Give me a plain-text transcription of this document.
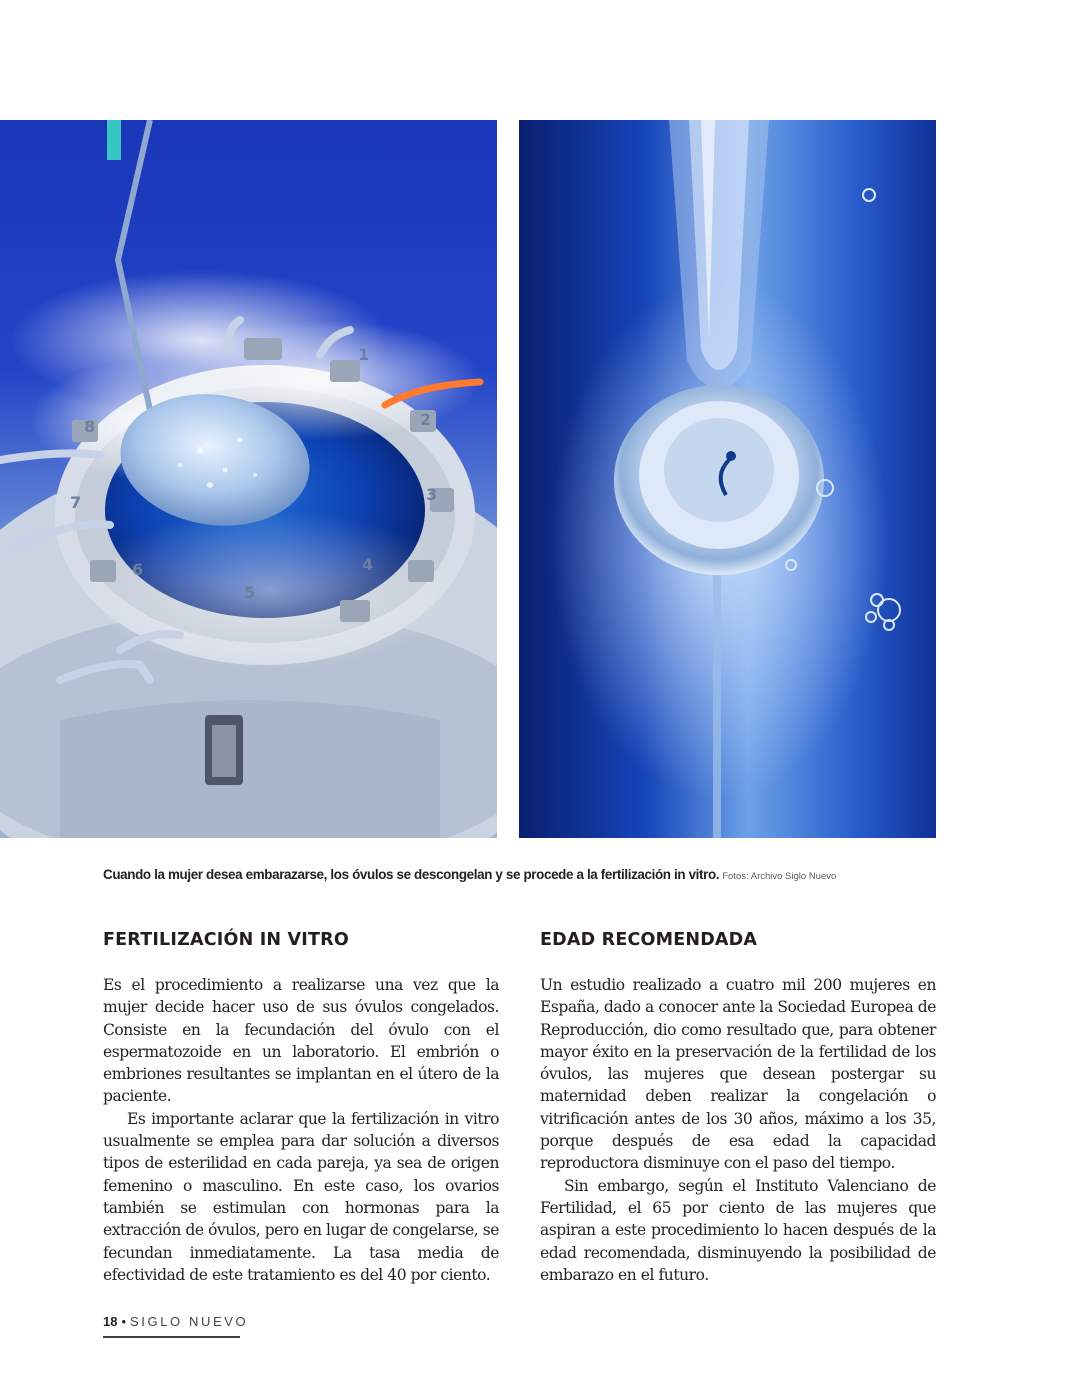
1
2
3
4
5
6
7
8
Cuando la mujer desea embarazarse, los óvulos se descongelan y se procede a la fertilización in vitro. Fotos: Archivo Siglo Nuevo
FERTILIZACIÓN IN VITRO	EDAD RECOMENDADA

Es el procedimiento a realizarse una vez que la mujer decide hacer uso de sus óvulos congelados. Consiste en la fecundación del óvulo con el espermatozoide en un laboratorio. El embrión o embriones resultantes se implantan en el útero de la paciente.

Es importante aclarar que la fertilización in vitro usualmente se emplea para dar solución a diversos tipos de esterilidad en cada pareja, ya sea de origen femenino o masculino. En este caso, los ovarios también se estimulan con hormonas para la extracción de óvulos, pero en lugar de congelarse, se fecundan inmediatamente. La tasa media de efectividad de este tratamiento es del 40 por ciento.

Un estudio realizado a cuatro mil 200 mujeres en España, dado a conocer ante la Sociedad Europea de Reproducción, dio como resultado que, para obtener mayor éxito en la preservación de la fertilidad de los óvulos, las mujeres que desean postergar su maternidad deben realizar la congelación o vitrificación antes de los 30 años, máximo a los 35, porque después de esa edad la capacidad reproductora disminuye con el paso del tiempo.

Sin embargo, según el Instituto Valenciano de Fertilidad, el 65 por ciento de las mujeres que aspiran a este procedimiento lo hacen después de la edad recomendada, disminuyendo la posibilidad de embarazo en el futuro.

18 • SIGLO NUEVO
